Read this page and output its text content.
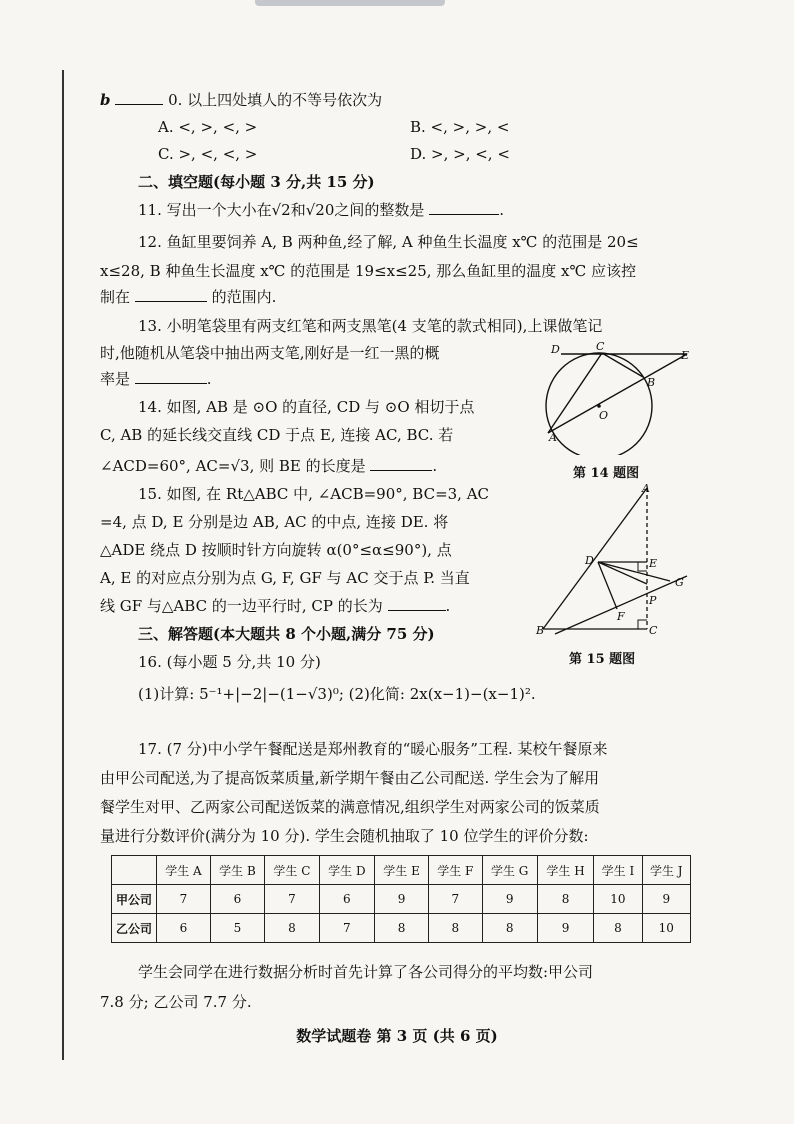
b	0. 以上四处填人的不等号依次为
A. <, >, <, >	B. <, >, >, <
C. >, <, <, >	D. >, >, <, <
二、填空题(每小题 3 分,共 15 分)
11. 写出一个大小在√2和√20之间的整数是	.
12. 鱼缸里要饲养 A, B 两种鱼,经了解, A 种鱼生长温度 x℃ 的范围是 20≤
x≤28, B 种鱼生长温度 x℃ 的范围是 19≤x≤25, 那么鱼缸里的温度 x℃ 应该控
制在	的范围内.
13. 小明笔袋里有两支红笔和两支黑笔(4 支笔的款式相同),上课做笔记
时,他随机从笔袋中抽出两支笔,刚好是一红一黑的概
率是	.
14. 如图, AB 是 ⊙O 的直径, CD 与 ⊙O 相切于点
C, AB 的延长线交直线 CD 于点 E, 连接 AC, BC. 若
∠ACD=60°, AC=√3, 则 BE 的长度是	.
15. 如图, 在 Rt△ABC 中, ∠ACB=90°, BC=3, AC
=4, 点 D, E 分别是边 AB, AC 的中点, 连接 DE. 将
△ADE 绕点 D 按顺时针方向旋转 α(0°≤α≤90°), 点
A, E 的对应点分别为点 G, F, GF 与 AC 交于点 P. 当直
线 GF 与△ABC 的一边平行时, CP 的长为	.
D	C
E
B
O
A
第 14 题图
A
D	E
G
P
F
B	C
第 15 题图
三、解答题(本大题共 8 个小题,满分 75 分)
16. (每小题 5 分,共 10 分)
(1)计算: 5⁻¹+|−2|−(1−√3)⁰; (2)化简: 2x(x−1)−(x−1)².
17. (7 分)中小学午餐配送是郑州教育的“暖心服务”工程. 某校午餐原来
由甲公司配送,为了提高饭菜质量,新学期午餐由乙公司配送. 学生会为了解用
餐学生对甲、乙两家公司配送饭菜的满意情况,组织学生对两家公司的饭菜质
量进行分数评价(满分为 10 分). 学生会随机抽取了 10 位学生的评价分数:
	学生 A	学生 B	学生 C	学生 D	学生 E	学生 F	学生 G	学生 H	学生 I	学生 J
甲公司	7	6	7	6	9	7	9	8	10	9
乙公司	6	5	8	7	8	8	8	9	8	10
学生会同学在进行数据分析时首先计算了各公司得分的平均数:甲公司
7.8 分; 乙公司 7.7 分.
数学试题卷 第 3 页 (共 6 页)
